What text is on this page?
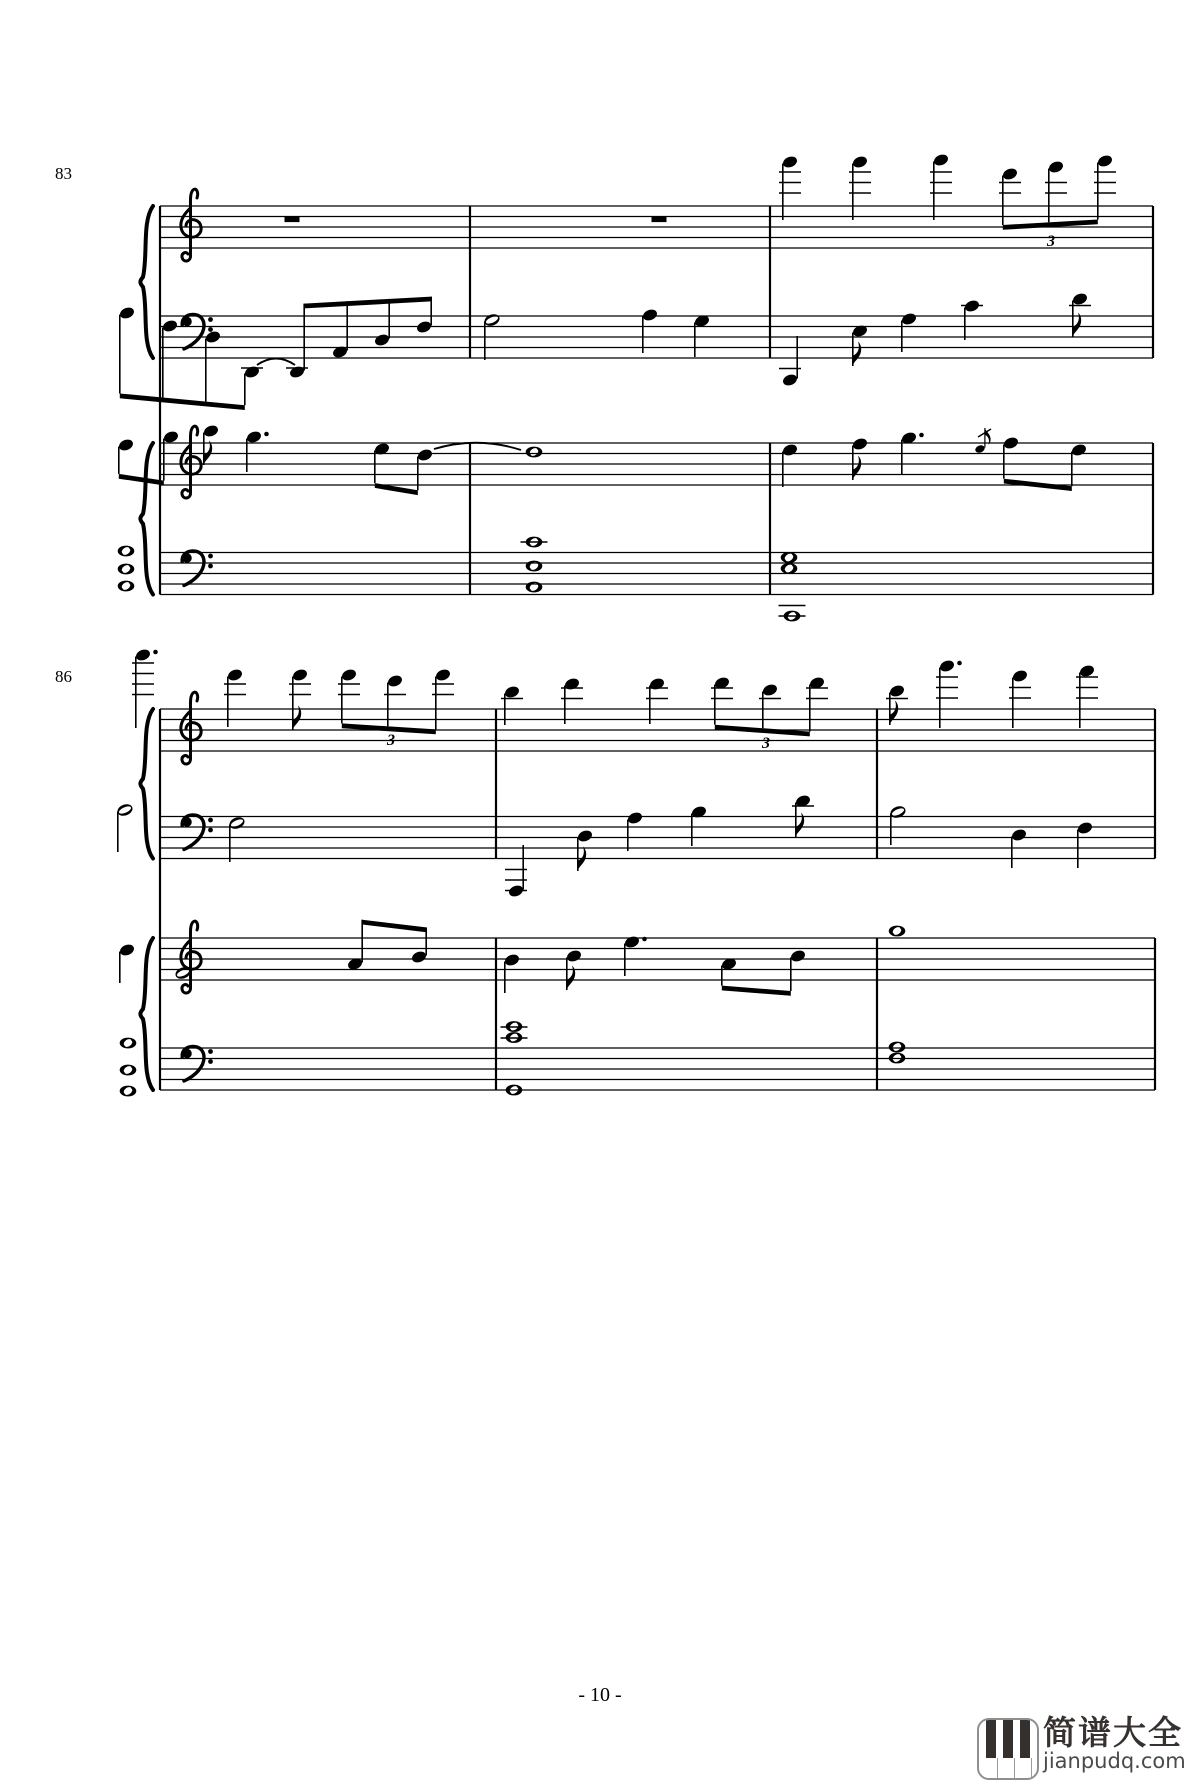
83
3
86
3	3
- 10 -
简谱大全
jianpudq.com
